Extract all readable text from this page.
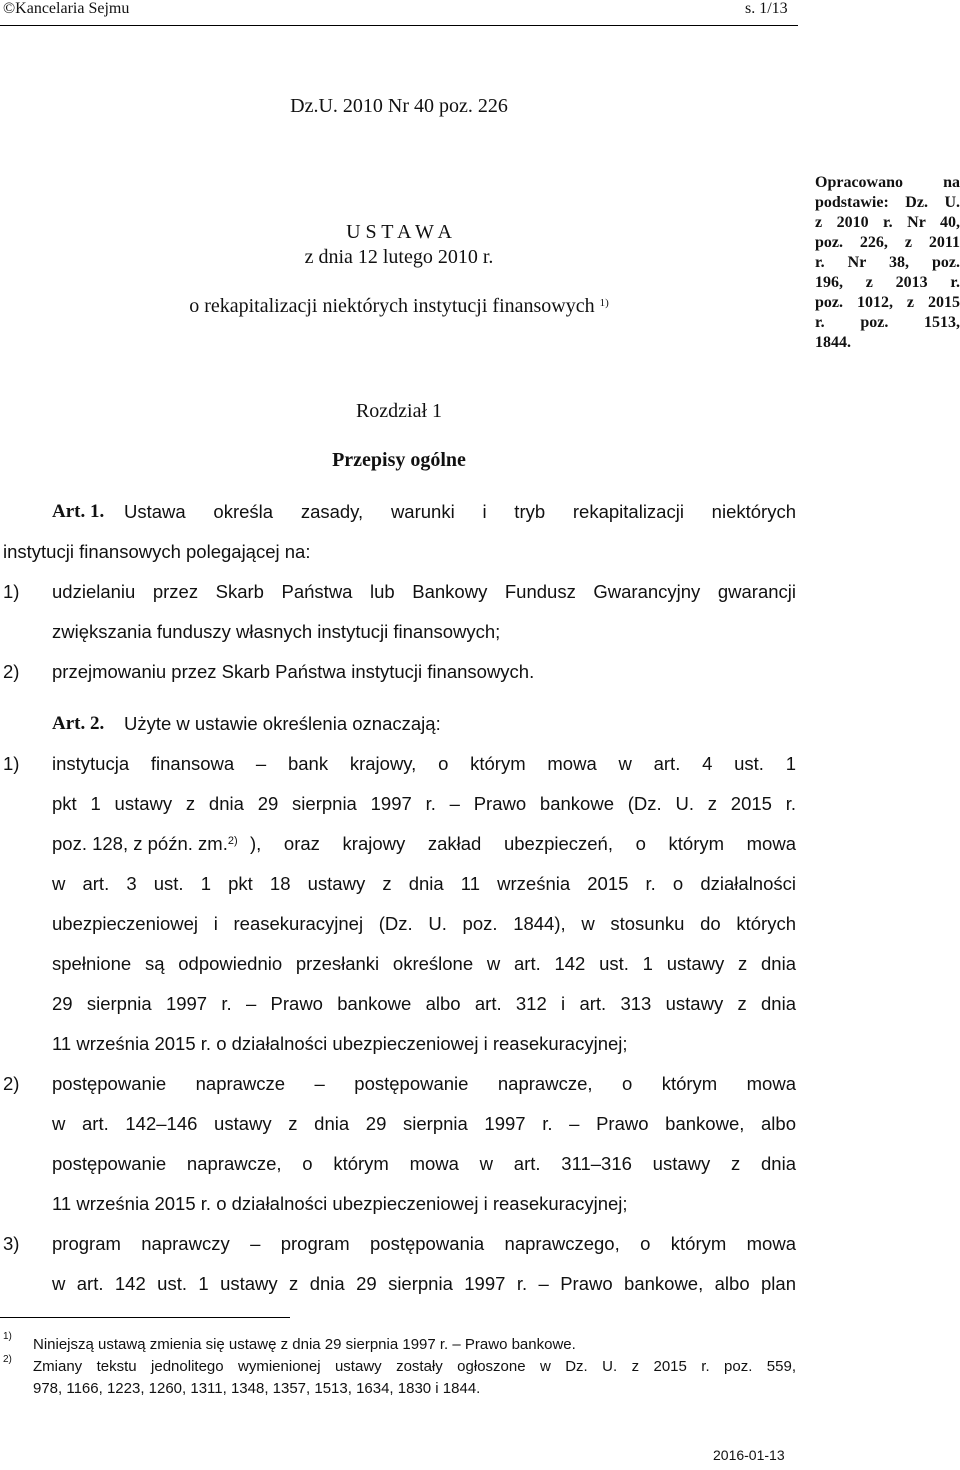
©Kancelaria Sejmu	s. 1/13
Dz.U. 2010 Nr 40 poz. 226
U S T A W A
z dnia 12 lutego 2010 r.
o rekapitalizacji niektórych instytucji finansowych $^{1)}$
Rozdział 1
Przepisy ogólne
Opracowano na
podstawie: Dz. U.
z 2010 r. Nr 40,
poz. 226, z 2011
r. Nr 38, poz.
196, z 2013 r.
poz. 1012, z 2015
r. poz. 1513,
1844.
Art. 1. Ustawa określa zasady, warunki i tryb rekapitalizacji niektórych
instytucji finansowych polegającej na:
1) udzielaniu przez Skarb Państwa lub Bankowy Fundusz Gwarancyjny gwarancji
zwiększania funduszy własnych instytucji finansowych;
2) przejmowaniu przez Skarb Państwa instytucji finansowych.
Art. 2. Użyte w ustawie określenia oznaczają:
1) instytucja finansowa – bank krajowy, o którym mowa w art. 4 ust. 1
pkt 1 ustawy z dnia 29 sierpnia 1997 r. – Prawo bankowe (Dz. U. z 2015 r.
poz. 128, z późn. zm.$^{2)}$ ), oraz krajowy zakład ubezpieczeń, o którym mowa
w art. 3 ust. 1 pkt 18 ustawy z dnia 11 września 2015 r. o działalności
ubezpieczeniowej i reasekuracyjnej (Dz. U. poz. 1844), w stosunku do których
spełnione są odpowiednio przesłanki określone w art. 142 ust. 1 ustawy z dnia
29 sierpnia 1997 r. – Prawo bankowe albo art. 312 i art. 313 ustawy z dnia
11 września 2015 r. o działalności ubezpieczeniowej i reasekuracyjnej;
2) postępowanie naprawcze – postępowanie naprawcze, o którym mowa
w art. 142–146 ustawy z dnia 29 sierpnia 1997 r. – Prawo bankowe, albo
postępowanie naprawcze, o którym mowa w art. 311–316 ustawy z dnia
11 września 2015 r. o działalności ubezpieczeniowej i reasekuracyjnej;
3) program naprawczy – program postępowania naprawczego, o którym mowa
w art. 142 ust. 1 ustawy z dnia 29 sierpnia 1997 r. – Prawo bankowe, albo plan
1) Niniejszą ustawą zmienia się ustawę z dnia 29 sierpnia 1997 r. – Prawo bankowe.
2) Zmiany tekstu jednolitego wymienionej ustawy zostały ogłoszone w Dz. U. z 2015 r. poz. 559,
978, 1166, 1223, 1260, 1311, 1348, 1357, 1513, 1634, 1830 i 1844.
2016-01-13
